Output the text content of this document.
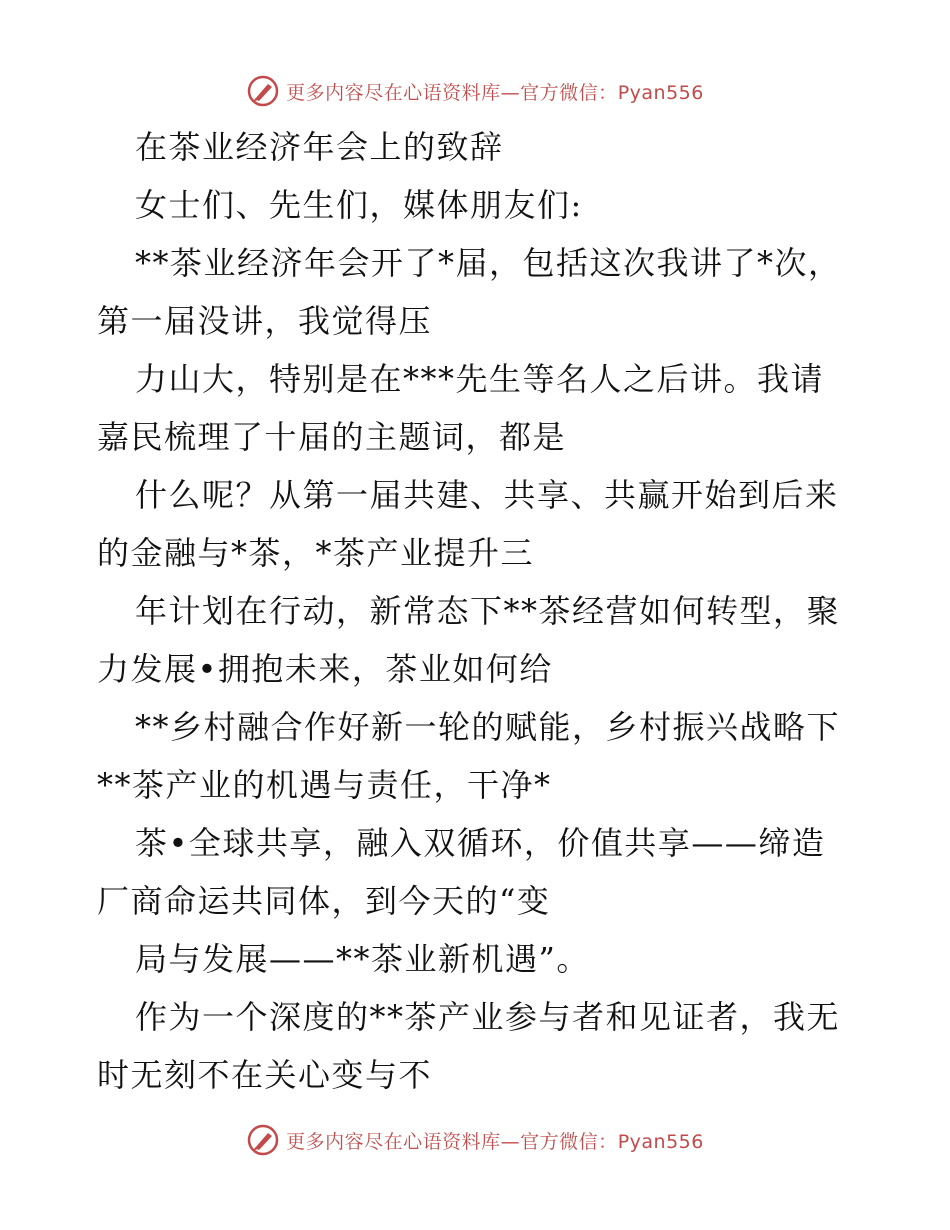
更多内容尽在心语资料库—官方微信：Pyan556
在茶业经济年会上的致辞
女士们、先生们，媒体朋友们:
**茶业经济年会开了*届，包括这次我讲了*次，
第一届没讲，我觉得压
力山大，特别是在***先生等名人之后讲。我请
嘉民梳理了十届的主题词，都是
什么呢？从第一届共建、共享、共赢开始到后来
的金融与*茶，*茶产业提升三
年计划在行动，新常态下**茶经营如何转型，聚
力发展•拥抱未来，茶业如何给
**乡村融合作好新一轮的赋能，乡村振兴战略下
**茶产业的机遇与责任，干净*
茶•全球共享，融入双循环，价值共享——缔造
厂商命运共同体，到今天的“变
局与发展——**茶业新机遇”。
作为一个深度的**茶产业参与者和见证者，我无
时无刻不在关心变与不
更多内容尽在心语资料库—官方微信：Pyan556
